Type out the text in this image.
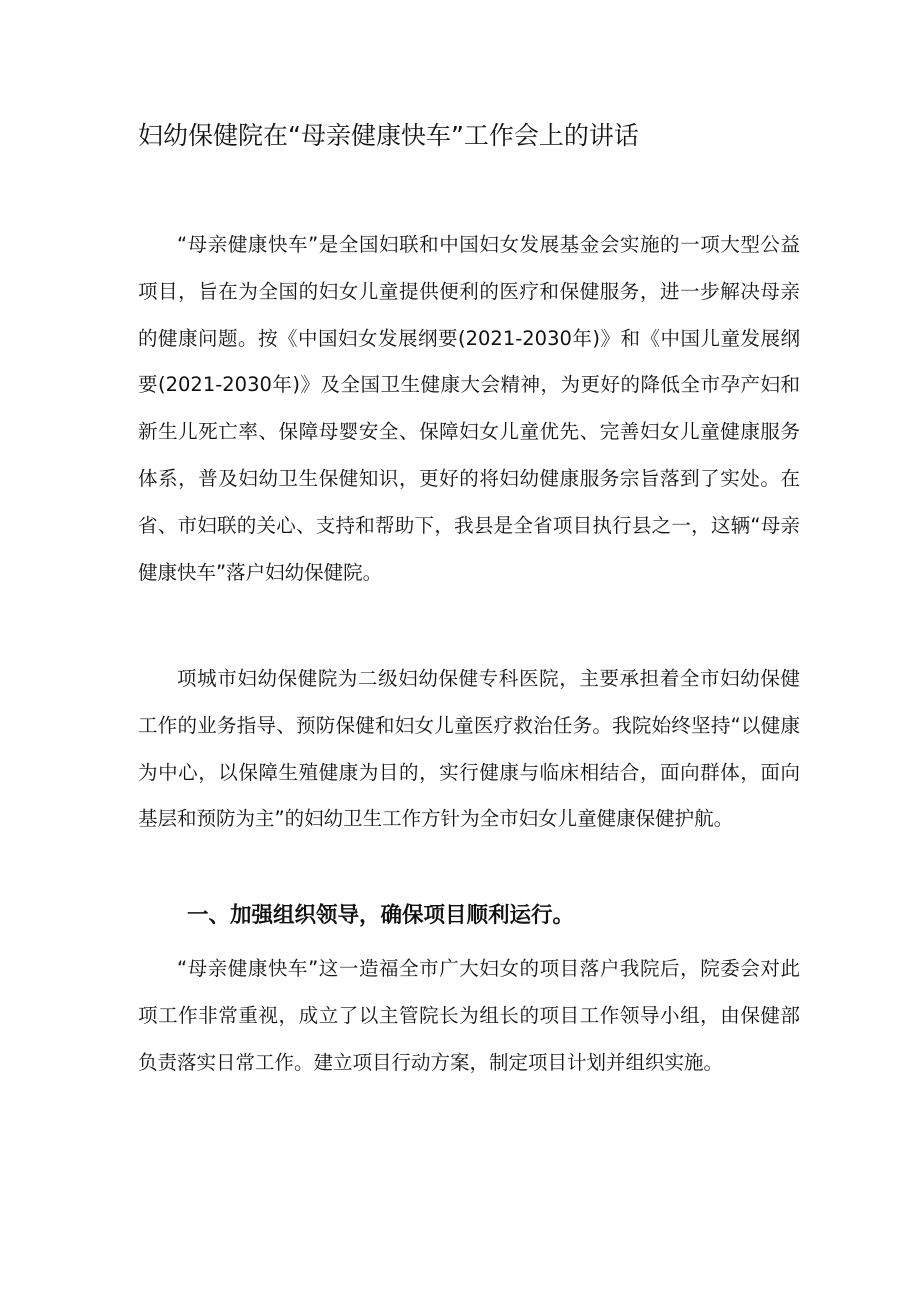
妇幼保健院在“母亲健康快车”工作会上的讲话

“母亲健康快车”是全国妇联和中国妇女发展基金会实施的一项大型公益项目，旨在为全国的妇女儿童提供便利的医疗和保健服务，进一步解决母亲的健康问题。按《中国妇女发展纲要(2021-2030年)》和《中国儿童发展纲要(2021-2030年)》及全国卫生健康大会精神，为更好的降低全市孕产妇和新生儿死亡率、保障母婴安全、保障妇女儿童优先、完善妇女儿童健康服务体系，普及妇幼卫生保健知识，更好的将妇幼健康服务宗旨落到了实处。在省、市妇联的关心、支持和帮助下，我县是全省项目执行县之一，这辆“母亲健康快车”落户妇幼保健院。

项城市妇幼保健院为二级妇幼保健专科医院，主要承担着全市妇幼保健工作的业务指导、预防保健和妇女儿童医疗救治任务。我院始终坚持“以健康为中心，以保障生殖健康为目的，实行健康与临床相结合，面向群体，面向基层和预防为主”的妇幼卫生工作方针为全市妇女儿童健康保健护航。

一、加强组织领导，确保项目顺利运行。

“母亲健康快车”这一造福全市广大妇女的项目落户我院后，院委会对此项工作非常重视，成立了以主管院长为组长的项目工作领导小组，由保健部负责落实日常工作。建立项目行动方案，制定项目计划并组织实施。
